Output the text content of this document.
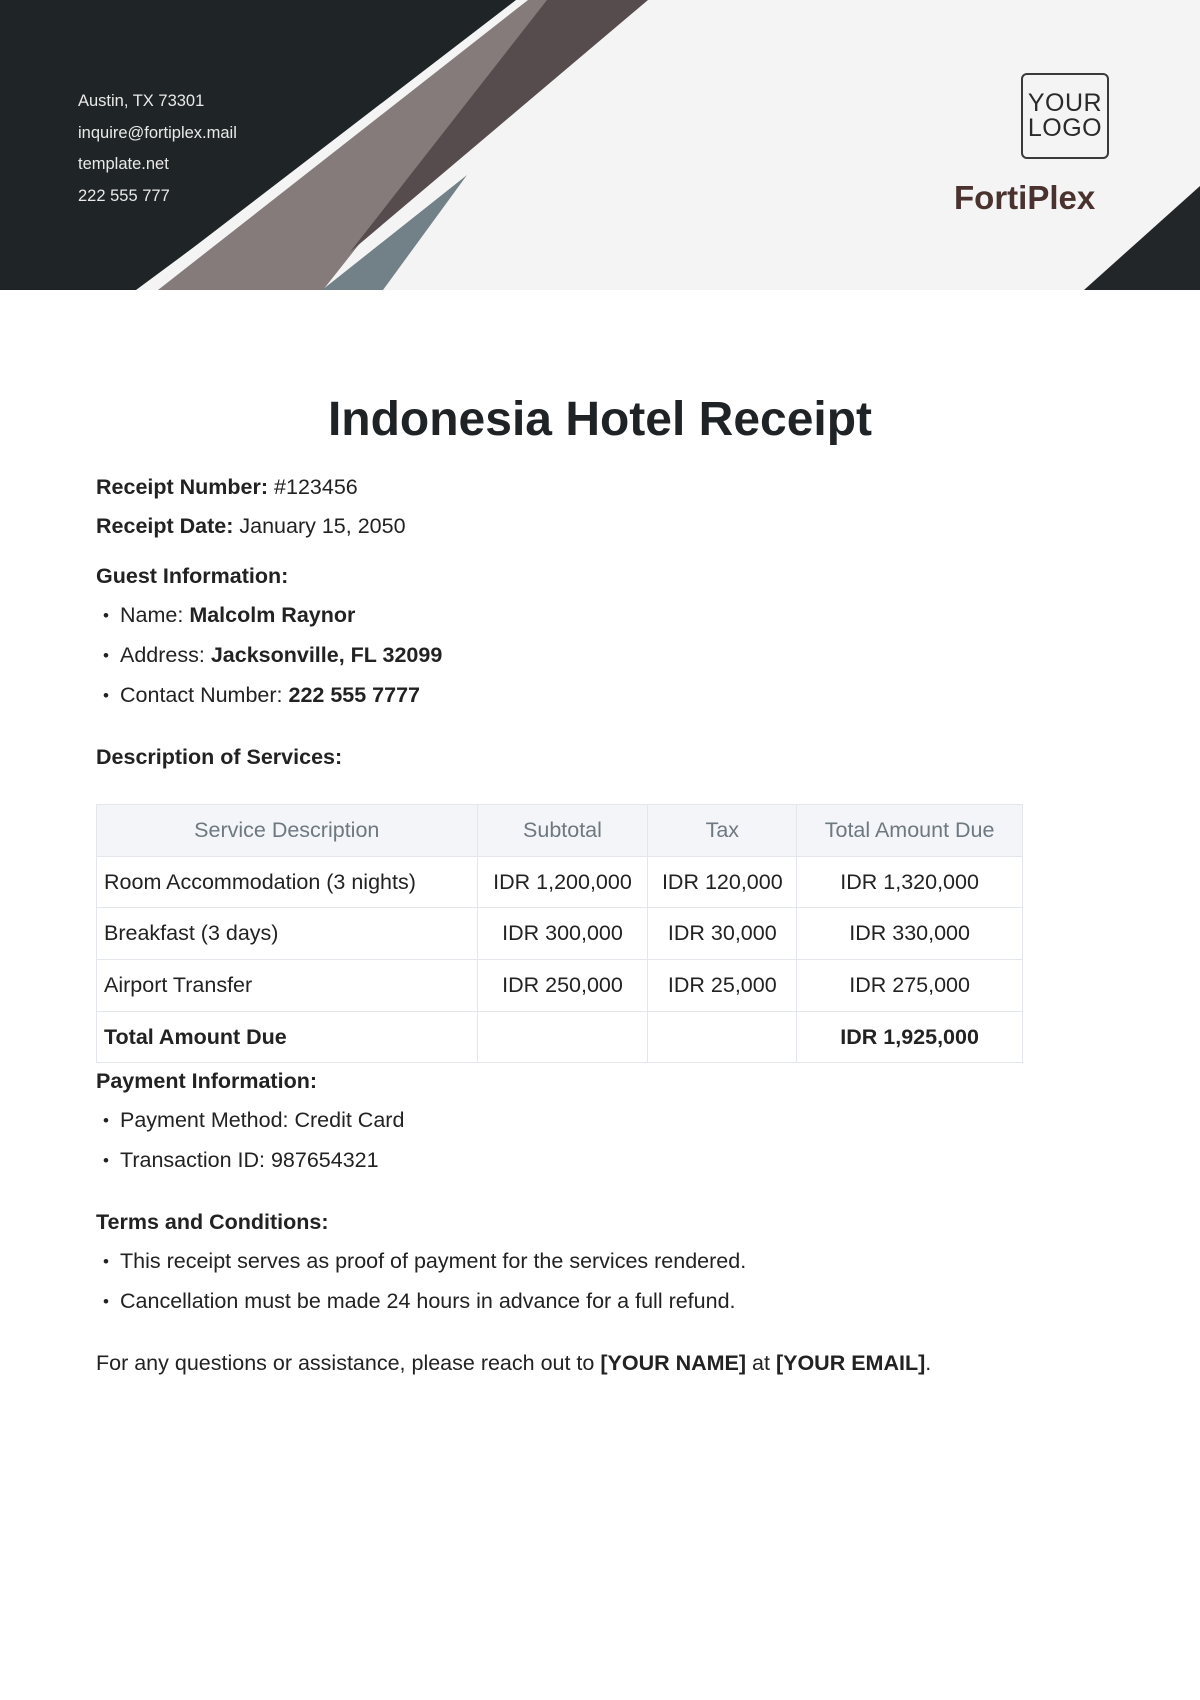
Austin, TX 73301
inquire@fortiplex.mail
template.net
222 555 777
YOUR
LOGO
FortiPlex
Indonesia Hotel Receipt
Receipt Number: #123456
Receipt Date: January 15, 2050
Guest Information:
• Name: Malcolm Raynor
• Address: Jacksonville, FL 32099
• Contact Number: 222 555 7777
Description of Services:
Service Description	Subtotal	Tax	Total Amount Due
Room Accommodation (3 nights)	IDR 1,200,000	IDR 120,000	IDR 1,320,000
Breakfast (3 days)	IDR 300,000	IDR 30,000	IDR 330,000
Airport Transfer	IDR 250,000	IDR 25,000	IDR 275,000
Total Amount Due			IDR 1,925,000
Payment Information:
• Payment Method: Credit Card
• Transaction ID: 987654321
Terms and Conditions:
• This receipt serves as proof of payment for the services rendered.
• Cancellation must be made 24 hours in advance for a full refund.
For any questions or assistance, please reach out to [YOUR NAME] at [YOUR EMAIL].
